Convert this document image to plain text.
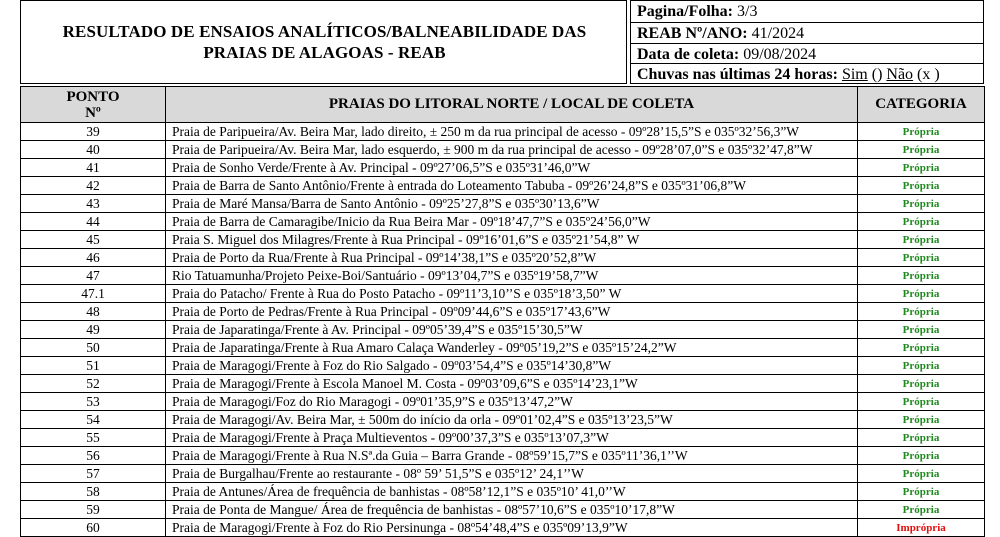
RESULTADO DE ENSAIOS ANALÍTICOS/BALNEABILIDADE DAS
PRAIAS DE ALAGOAS - REAB
Pagina/Folha: 3/3
REAB Nº/ANO: 41/2024
Data de coleta: 09/08/2024
Chuvas nas últimas 24 horas: Sim () Não (x )
PONTO
Nº	PRAIAS DO LITORAL NORTE / LOCAL DE COLETA	CATEGORIA
39	Praia de Paripueira/Av. Beira Mar, lado direito, ± 250 m da rua principal de acesso - 09º28’15,5”S e 035º32’56,3”W	Própria
40	Praia de Paripueira/Av. Beira Mar, lado esquerdo, ± 900 m da rua principal de acesso - 09º28’07,0”S e 035º32’47,8”W	Própria
41	Praia de Sonho Verde/Frente à Av. Principal - 09º27’06,5”S e 035º31’46,0”W	Própria
42	Praia de Barra de Santo Antônio/Frente à entrada do Loteamento Tabuba - 09º26’24,8”S e 035º31’06,8”W	Própria
43	Praia de Maré Mansa/Barra de Santo Antônio - 09º25’27,8”S e 035º30’13,6”W	Própria
44	Praia de Barra de Camaragibe/Inicio da Rua Beira Mar - 09º18’47,7”S e 035º24’56,0”W	Própria
45	Praia S. Miguel dos Milagres/Frente à Rua Principal - 09º16’01,6”S e 035º21’54,8” W	Própria
46	Praia de Porto da Rua/Frente à Rua Principal - 09º14’38,1”S e 035º20’52,8”W	Própria
47	Rio Tatuamunha/Projeto Peixe-Boi/Santuário - 09º13’04,7”S e 035º19’58,7”W	Própria
47.1	Praia do Patacho/ Frente à Rua do Posto Patacho - 09º11’3,10’’S e 035º18’3,50” W	Própria
48	Praia de Porto de Pedras/Frente à Rua Principal - 09º09’44,6”S e 035º17’43,6”W	Própria
49	Praia de Japaratinga/Frente à Av. Principal - 09º05’39,4”S e 035º15’30,5”W	Própria
50	Praia de Japaratinga/Frente à Rua Amaro Calaça Wanderley - 09º05’19,2”S e 035º15’24,2”W	Própria
51	Praia de Maragogi/Frente à Foz do Rio Salgado - 09º03’54,4”S e 035º14’30,8”W	Própria
52	Praia de Maragogi/Frente à Escola Manoel M. Costa - 09º03’09,6”S e 035º14’23,1”W	Própria
53	Praia de Maragogi/Foz do Rio Maragogi - 09º01’35,9”S e 035º13’47,2”W	Própria
54	Praia de Maragogi/Av. Beira Mar, ± 500m do início da orla - 09º01’02,4”S e 035º13’23,5”W	Própria
55	Praia de Maragogi/Frente à Praça Multieventos - 09º00’37,3”S e 035º13’07,3”W	Própria
56	Praia de Maragogi/Frente à Rua N.Sª.da Guia – Barra Grande - 08º59’15,7”S e 035º11’36,1’’W	Própria
57	Praia de Burgalhau/Frente ao restaurante - 08º 59’ 51,5”S e 035º12’ 24,1’’W	Própria
58	Praia de Antunes/Área de frequência de banhistas - 08º58’12,1”S e 035º10’ 41,0’’W	Própria
59	Praia de Ponta de Mangue/ Área de frequência de banhistas - 08º57’10,6”S e 035º10’17,8”W	Própria
60	Praia de Maragogi/Frente à Foz do Rio Persinunga - 08º54’48,4”S e 035º09’13,9”W	Imprópria
